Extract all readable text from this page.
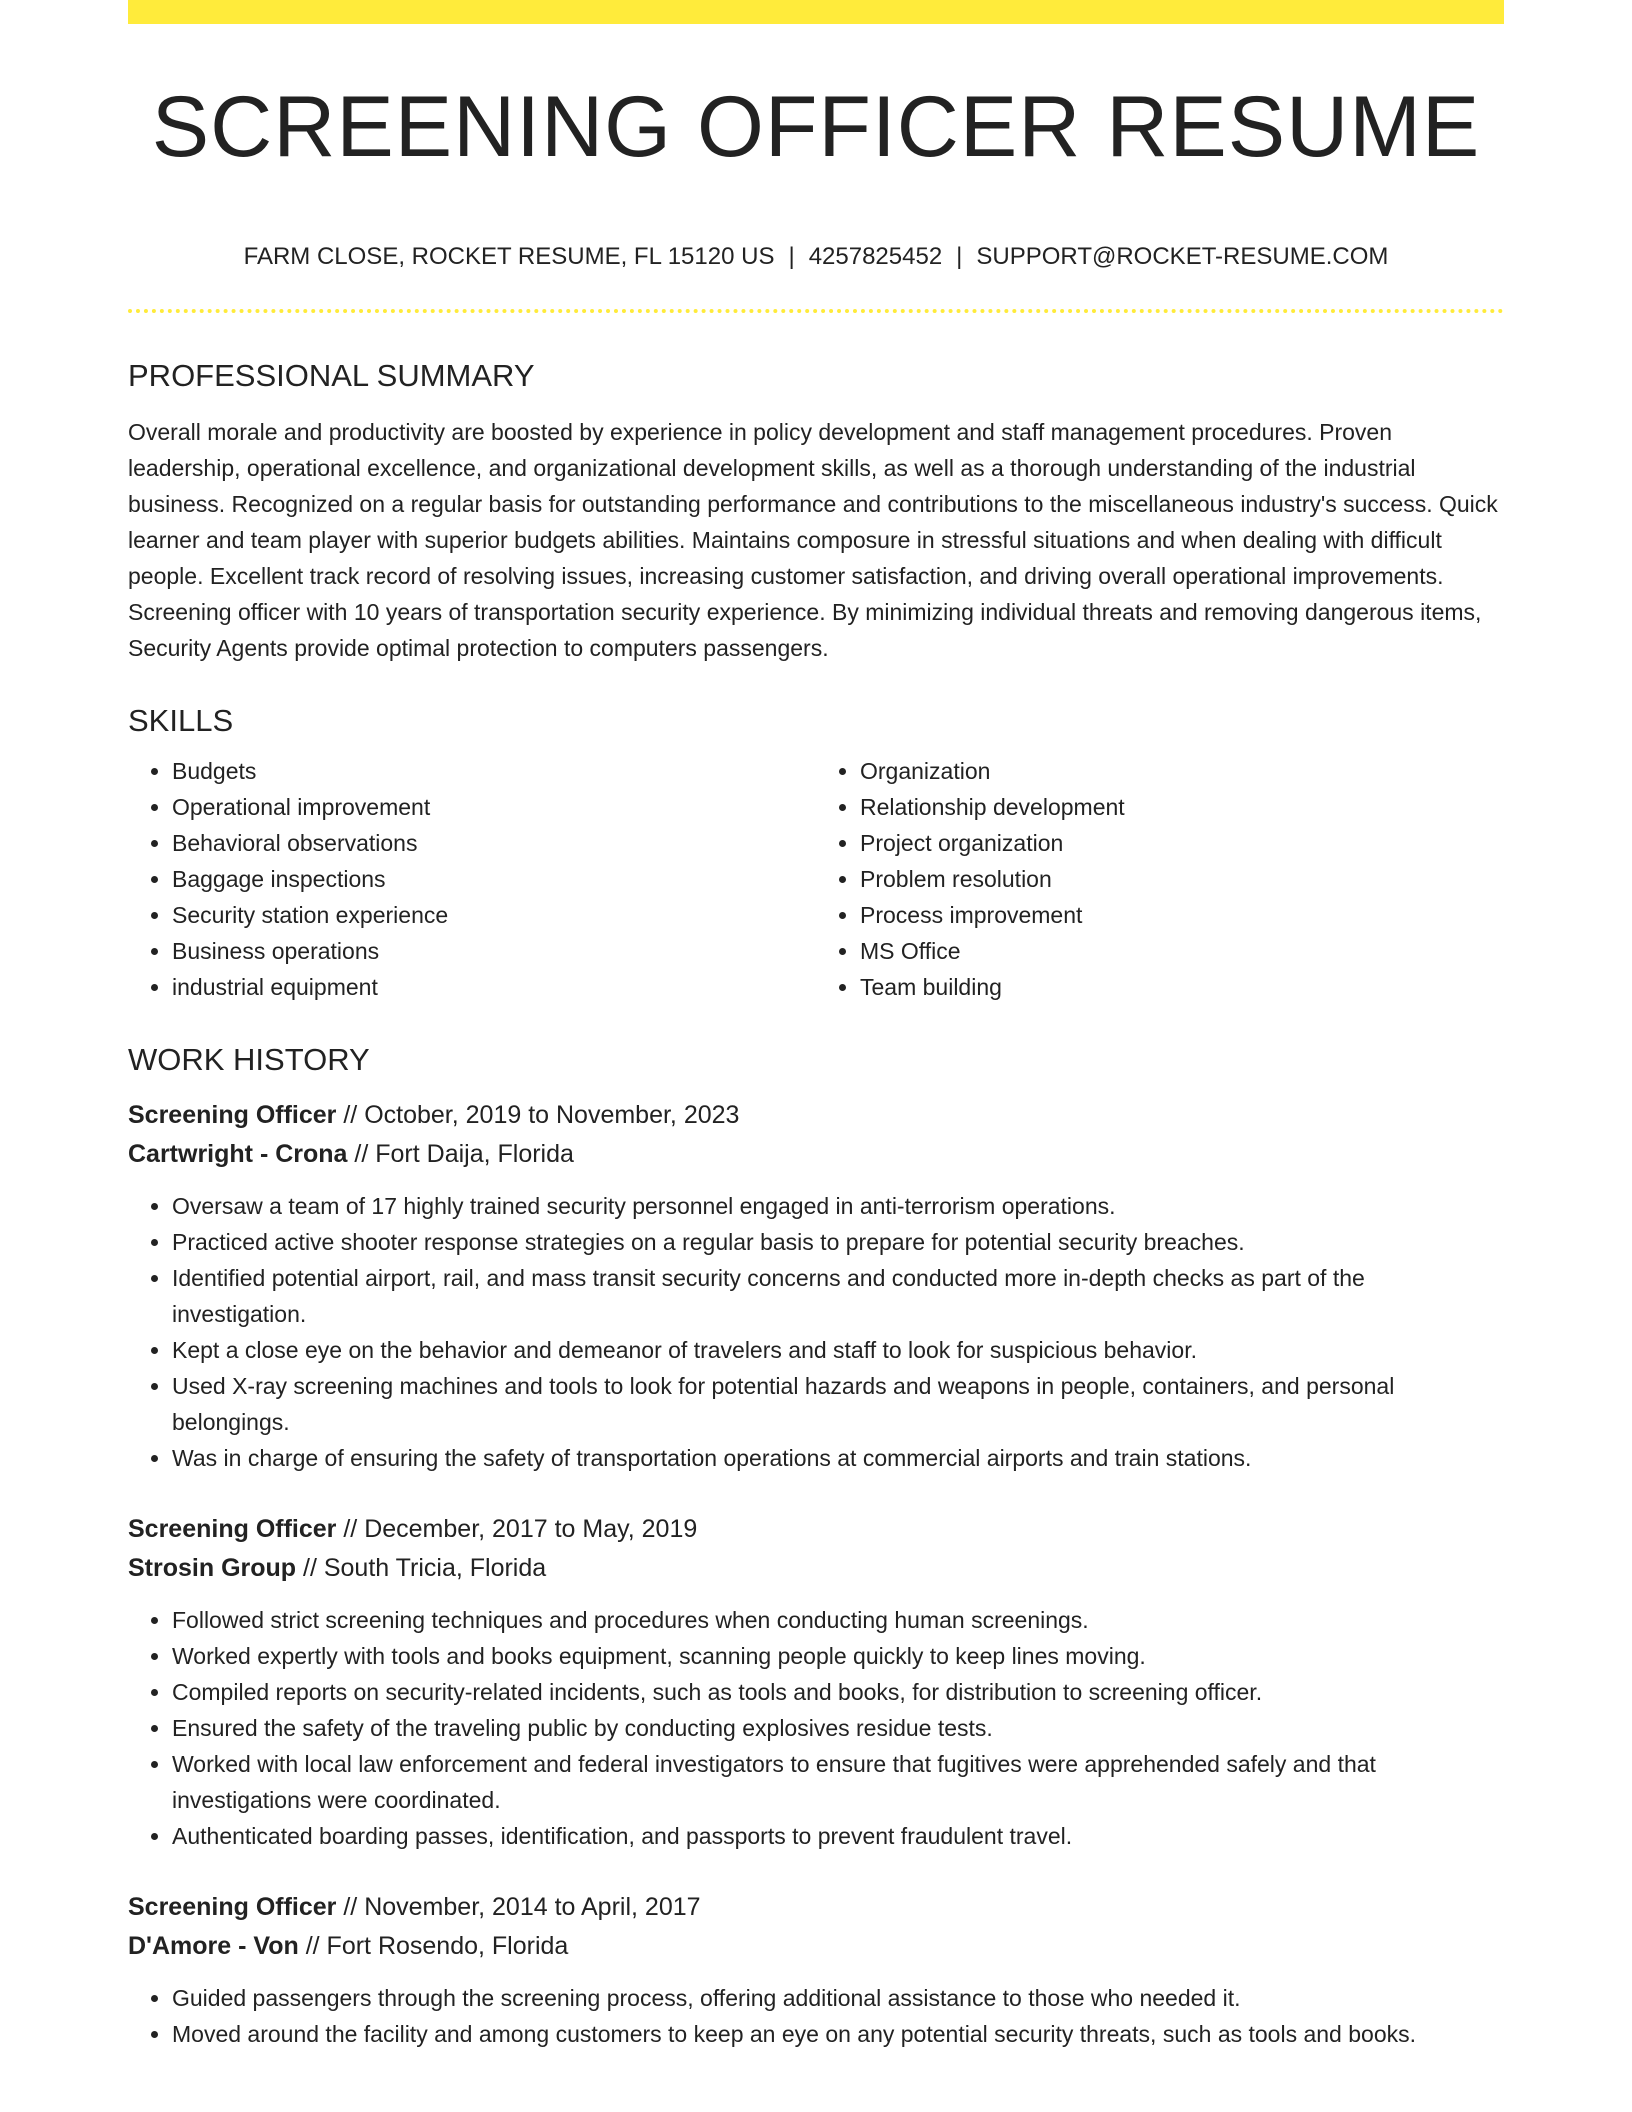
SCREENING OFFICER RESUME
FARM CLOSE, ROCKET RESUME, FL 15120 US | 4257825452 | SUPPORT@ROCKET-RESUME.COM
PROFESSIONAL SUMMARY
Overall morale and productivity are boosted by experience in policy development and staff management procedures. Proven leadership, operational excellence, and organizational development skills, as well as a thorough understanding of the industrial business. Recognized on a regular basis for outstanding performance and contributions to the miscellaneous industry's success. Quick learner and team player with superior budgets abilities. Maintains composure in stressful situations and when dealing with difficult people. Excellent track record of resolving issues, increasing customer satisfaction, and driving overall operational improvements. Screening officer with 10 years of transportation security experience. By minimizing individual threats and removing dangerous items, Security Agents provide optimal protection to computers passengers.
SKILLS
• Budgets
• Operational improvement
• Behavioral observations
• Baggage inspections
• Security station experience
• Business operations
• industrial equipment
• Organization
• Relationship development
• Project organization
• Problem resolution
• Process improvement
• MS Office
• Team building
WORK HISTORY
Screening Officer // October, 2019 to November, 2023
Cartwright - Crona // Fort Daija, Florida
• Oversaw a team of 17 highly trained security personnel engaged in anti-terrorism operations.
• Practiced active shooter response strategies on a regular basis to prepare for potential security breaches.
• Identified potential airport, rail, and mass transit security concerns and conducted more in-depth checks as part of the investigation.
• Kept a close eye on the behavior and demeanor of travelers and staff to look for suspicious behavior.
• Used X-ray screening machines and tools to look for potential hazards and weapons in people, containers, and personal belongings.
• Was in charge of ensuring the safety of transportation operations at commercial airports and train stations.
Screening Officer // December, 2017 to May, 2019
Strosin Group // South Tricia, Florida
• Followed strict screening techniques and procedures when conducting human screenings.
• Worked expertly with tools and books equipment, scanning people quickly to keep lines moving.
• Compiled reports on security-related incidents, such as tools and books, for distribution to screening officer.
• Ensured the safety of the traveling public by conducting explosives residue tests.
• Worked with local law enforcement and federal investigators to ensure that fugitives were apprehended safely and that investigations were coordinated.
• Authenticated boarding passes, identification, and passports to prevent fraudulent travel.
Screening Officer // November, 2014 to April, 2017
D'Amore - Von // Fort Rosendo, Florida
• Guided passengers through the screening process, offering additional assistance to those who needed it.
• Moved around the facility and among customers to keep an eye on any potential security threats, such as tools and books.
